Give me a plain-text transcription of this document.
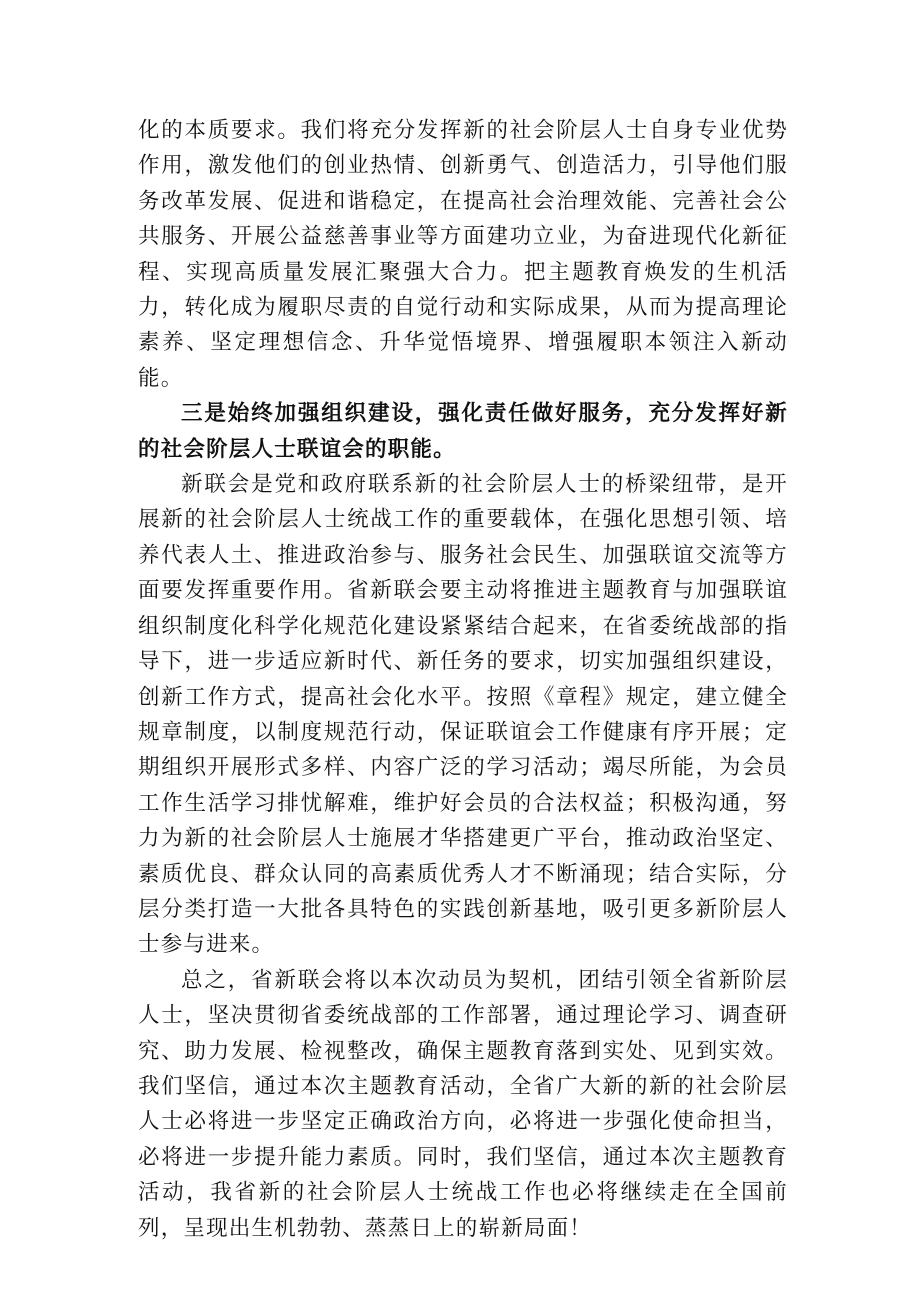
化的本质要求。我们将充分发挥新的社会阶层人士自身专业优势作用，激发他们的创业热情、创新勇气、创造活力，引导他们服务改革发展、促进和谐稳定，在提高社会治理效能、完善社会公共服务、开展公益慈善事业等方面建功立业，为奋进现代化新征程、实现高质量发展汇聚强大合力。把主题教育焕发的生机活力，转化成为履职尽责的自觉行动和实际成果，从而为提高理论素养、坚定理想信念、升华觉悟境界、增强履职本领注入新动能。

三是始终加强组织建设，强化责任做好服务，充分发挥好新的社会阶层人士联谊会的职能。

新联会是党和政府联系新的社会阶层人士的桥梁纽带，是开展新的社会阶层人士统战工作的重要载体，在强化思想引领、培养代表人土、推进政治参与、服务社会民生、加强联谊交流等方面要发挥重要作用。省新联会要主动将推进主题教育与加强联谊组织制度化科学化规范化建设紧紧结合起来，在省委统战部的指导下，进一步适应新时代、新任务的要求，切实加强组织建设，创新工作方式，提高社会化水平。按照《章程》规定，建立健全规章制度，以制度规范行动，保证联谊会工作健康有序开展；定期组织开展形式多样、内容广泛的学习活动；竭尽所能，为会员工作生活学习排忧解难，维护好会员的合法权益；积极沟通，努力为新的社会阶层人士施展才华搭建更广平台，推动政治坚定、素质优良、群众认同的高素质优秀人才不断涌现；结合实际，分层分类打造一大批各具特色的实践创新基地，吸引更多新阶层人士参与进来。

总之，省新联会将以本次动员为契机，团结引领全省新阶层人士，坚决贯彻省委统战部的工作部署，通过理论学习、调查研究、助力发展、检视整改，确保主题教育落到实处、见到实效。我们坚信，通过本次主题教育活动，全省广大新的新的社会阶层人士必将进一步坚定正确政治方向，必将进一步强化使命担当，必将进一步提升能力素质。同时，我们坚信，通过本次主题教育活动，我省新的社会阶层人士统战工作也必将继续走在全国前列，呈现出生机勃勃、蒸蒸日上的崭新局面！
